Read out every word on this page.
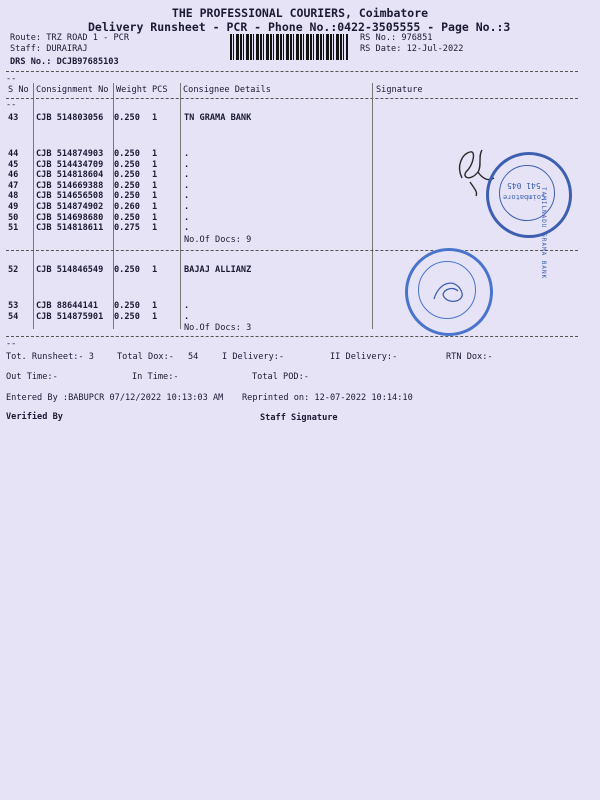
THE PROFESSIONAL COURIERS, Coimbatore
Delivery Runsheet - PCR - Phone No.:0422-3505555 - Page No.:3
Route: TRZ ROAD 1 - PCR
Staff: DURAIRAJ
DRS No.: DCJB97685103
RS No.: 976851
RS Date: 12-Jul-2022
--
S No Consignment No Weight PCS Consignee Details	Signature
--
43 CJB 514803056 0.250 1	TN GRAMA BANK
44 CJB 514874903 0.250 1	.
45 CJB 514434709 0.250 1	.
46 CJB 514818604 0.250 1	.
47 CJB 514669388 0.250 1	.
48 CJB 514656508 0.250 1	.
49 CJB 514874902 0.260 1	.
50 CJB 514698680 0.250 1	.
51 CJB 514818611 0.275 1	.
No.Of Docs: 9
52 CJB 514846549 0.250 1	BAJAJ ALLIANZ
53 CJB 88644141 0.250 1	.
54 CJB 514875901 0.250 1	.
No.Of Docs: 3
--
541 045
Coimbatore
TAMILNADU GRAMA BANK
Tot. Runsheet:- 3	Total Dox:- 54	I Delivery:-	II Delivery:-	RTN Dox:-
Out Time:-	In Time:-	Total POD:-
Entered By :BABUPCR 07/12/2022 10:13:03 AM Reprinted on: 12-07-2022 10:14:10
Verified By	Staff Signature
